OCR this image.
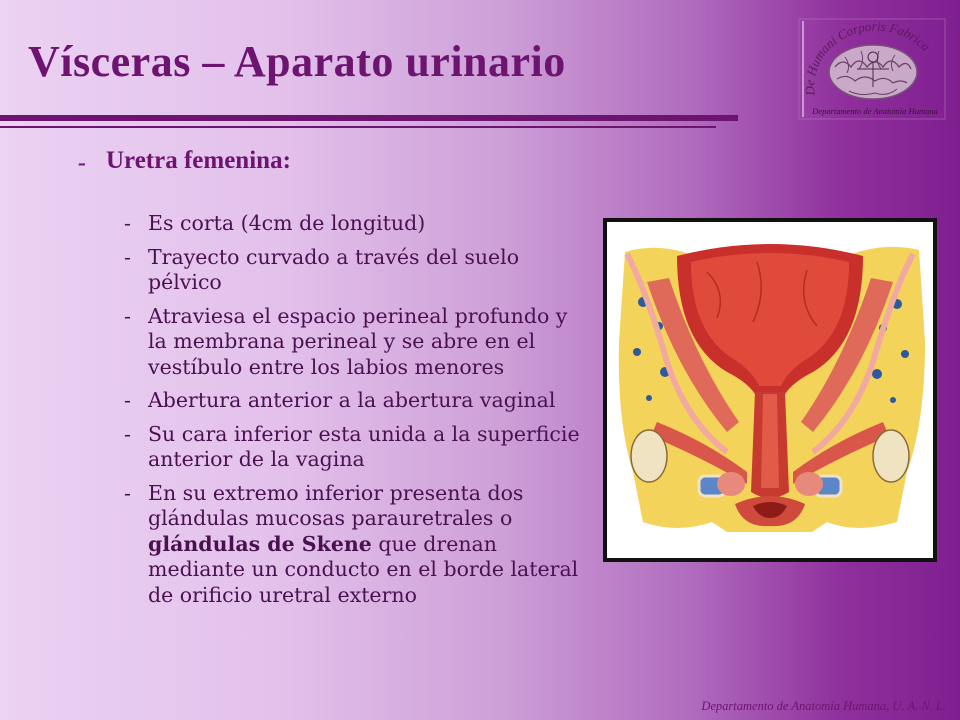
Vísceras – Aparato urinario
De Humani Corporis Fabrica
Departamento de Anatomía Humana
- Uretra femenina:
- Es corta (4cm de longitud)
- Trayecto curvado a través del suelo pélvico
- Atraviesa el espacio perineal profundo y la membrana perineal y se abre en el vestíbulo entre los labios menores
- Abertura anterior a la abertura vaginal
- Su cara inferior esta unida a la superficie anterior de la vagina
- En su extremo inferior presenta dos glándulas mucosas parauretrales o glándulas de Skene que drenan mediante un conducto en el borde lateral de orificio uretral externo
Departamento de Anatomía Humana, U. A. N. L.
